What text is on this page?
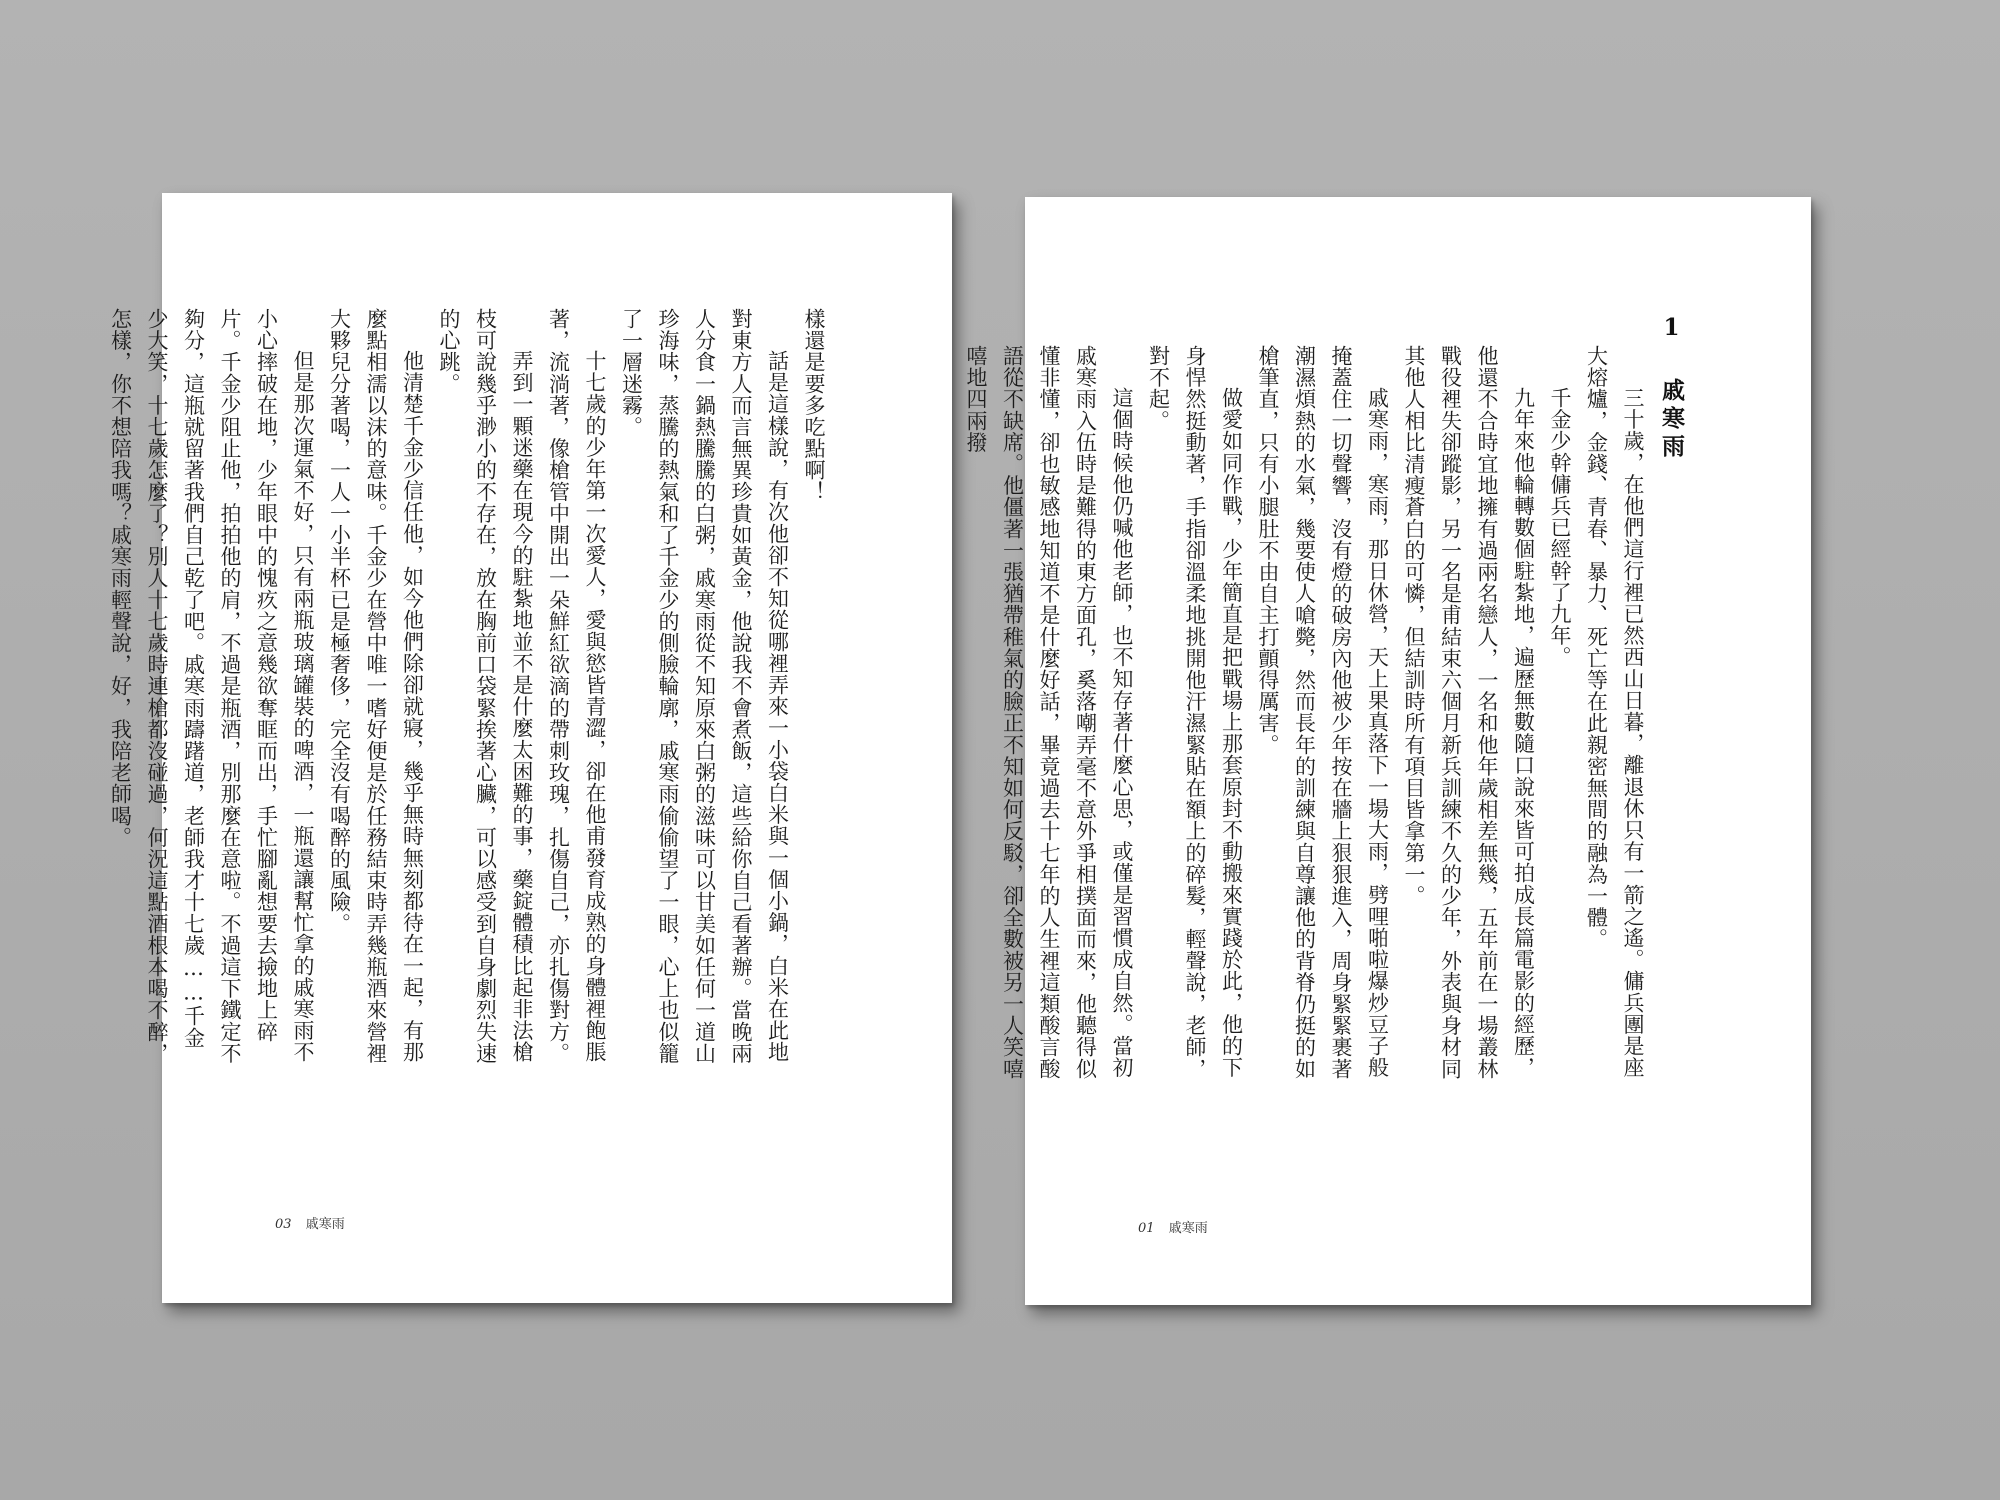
樣還是要多吃點啊！
話是這樣說，有次他卻不知從哪裡弄來一小袋白米與一個小鍋，白米在此地對東方人而言無異珍貴如黃金，他說我不會煮飯，這些給你自己看著辦。當晚兩人分食一鍋熱騰騰的白粥，戚寒雨從不知原來白粥的滋味可以甘美如任何一道山珍海味，蒸騰的熱氣和了千金少的側臉輪廓，戚寒雨偷偷望了一眼，心上也似籠了一層迷霧。
十七歲的少年第一次愛人，愛與慾皆青澀，卻在他甫發育成熟的身體裡飽脹著，流淌著，像槍管中開出一朵鮮紅欲滴的帶刺玫瑰，扎傷自己，亦扎傷對方。
弄到一顆迷藥在現今的駐紮地並不是什麼太困難的事，藥錠體積比起非法槍枝可說幾乎渺小的不存在，放在胸前口袋緊挨著心臟，可以感受到自身劇烈失速的心跳。
他清楚千金少信任他，如今他們除卻就寢，幾乎無時無刻都待在一起，有那麼點相濡以沫的意味。千金少在營中唯一嗜好便是於任務結束時弄幾瓶酒來營裡大夥兒分著喝，一人一小半杯已是極奢侈，完全沒有喝醉的風險。
但是那次運氣不好，只有兩瓶玻璃罐裝的啤酒，一瓶還讓幫忙拿的戚寒雨不小心摔破在地，少年眼中的愧疚之意幾欲奪眶而出，手忙腳亂想要去撿地上碎片。千金少阻止他，拍拍他的肩，不過是瓶酒，別那麼在意啦。不過這下鐵定不夠分，這瓶就留著我們自己乾了吧。戚寒雨躊躇道，老師我才十七歲……千金少大笑，十七歲怎麼了？別人十七歲時連槍都沒碰過，何況這點酒根本喝不醉，怎樣，你不想陪我嗎？戚寒雨輕聲說，好，我陪老師喝。
03 戚寒雨
1 戚寒雨
三十歲，在他們這行裡已然西山日暮，離退休只有一箭之遙。傭兵團是座大熔爐，金錢、青春、暴力、死亡等在此親密無間的融為一體。
千金少幹傭兵已經幹了九年。
九年來他輪轉數個駐紮地，遍歷無數隨口說來皆可拍成長篇電影的經歷，他還不合時宜地擁有過兩名戀人，一名和他年歲相差無幾，五年前在一場叢林戰役裡失卻蹤影，另一名是甫結束六個月新兵訓練不久的少年，外表與身材同其他人相比清瘦蒼白的可憐，但結訓時所有項目皆拿第一。
戚寒雨，寒雨，那日休營，天上果真落下一場大雨，劈哩啪啦爆炒豆子般掩蓋住一切聲響，沒有燈的破房內他被少年按在牆上狠狠進入，周身緊緊裹著潮濕煩熱的水氣，幾要使人嗆斃，然而長年的訓練與自尊讓他的背脊仍挺的如槍筆直，只有小腿肚不由自主打顫得厲害。
做愛如同作戰，少年簡直是把戰場上那套原封不動搬來實踐於此，他的下身悍然挺動著，手指卻溫柔地挑開他汗濕緊貼在額上的碎髮，輕聲說，老師，對不起。
這個時候他仍喊他老師，也不知存著什麼心思，或僅是習慣成自然。當初戚寒雨入伍時是難得的東方面孔，奚落嘲弄毫不意外爭相撲面而來，他聽得似懂非懂，卻也敏感地知道不是什麼好話，畢竟過去十七年的人生裡這類酸言酸語從不缺席。他僵著一張猶帶稚氣的臉正不知如何反駁，卻全數被另一人笑嘻嘻地四兩撥
01 戚寒雨
